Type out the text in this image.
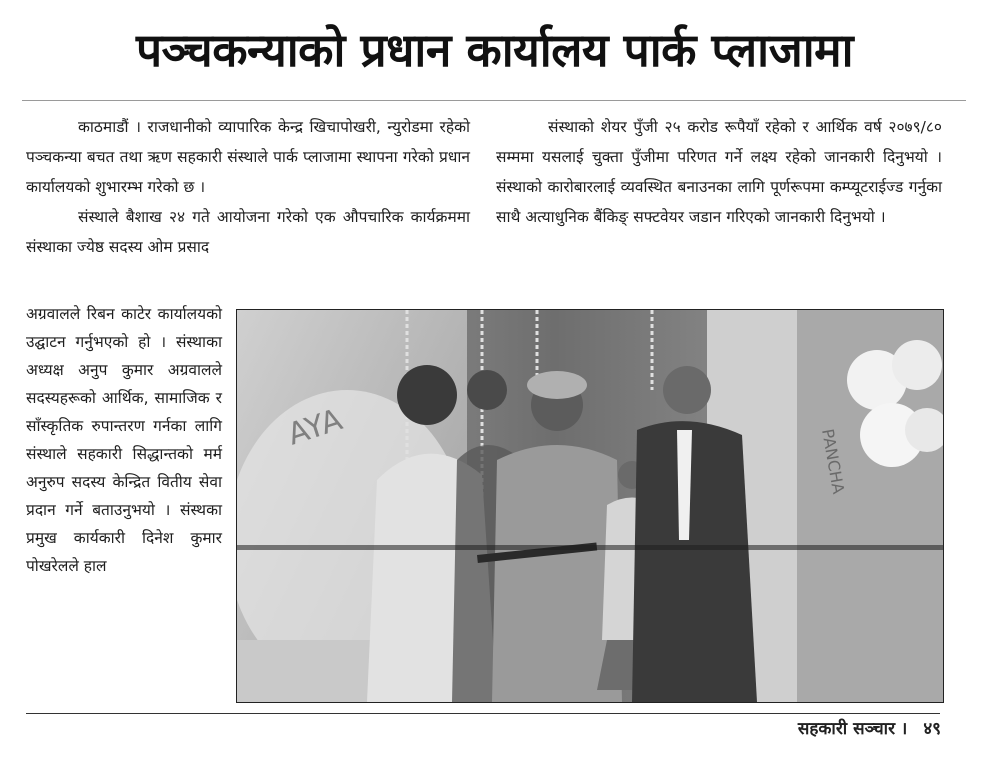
पञ्चकन्याको प्रधान कार्यालय पार्क प्लाजामा

काठमाडौं । राजधानीको व्यापारिक केन्द्र खिचापोखरी, न्युरोडमा रहेको पञ्चकन्या बचत तथा ऋण सहकारी संस्थाले पार्क प्लाजामा स्थापना गरेको प्रधान कार्यालयको शुभारम्भ गरेको छ ।

संस्थाले बैशाख २४ गते आयोजना गरेको एक औपचारिक कार्यक्रममा संस्थाका ज्येष्ठ सदस्य ओम प्रसाद

संस्थाको शेयर पुँजी २५ करोड रूपैयाँ रहेको र आर्थिक वर्ष २०७९/८० सम्ममा यसलाई चुक्ता पुँजीमा परिणत गर्ने लक्ष्य रहेको जानकारी दिनुभयो । संस्थाको कारोबारलाई व्यवस्थित बनाउनका लागि पूर्णरूपमा कम्प्यूटराईज्ड गर्नुका साथै अत्याधुनिक बैंकिङ् सफ्टवेयर जडान गरिएको जानकारी दिनुभयो ।

अग्रवालले रिबन काटेर कार्यालयको उद्घाटन गर्नुभएको हो । संस्थाका अध्यक्ष अनुप कुमार अग्रवालले सदस्यहरूको आर्थिक, सामाजिक र साँस्कृतिक रुपान्तरण गर्नका लागि संस्थाले सहकारी सिद्धान्तको मर्म अनुरुप सदस्य केन्द्रित वितीय सेवा प्रदान गर्ने बताउनुभयो । संस्थका प्रमुख कार्यकारी दिनेश कुमार पोखरेलले हाल
AYA	PANCHA
सहकारी सञ्चार । ४९
